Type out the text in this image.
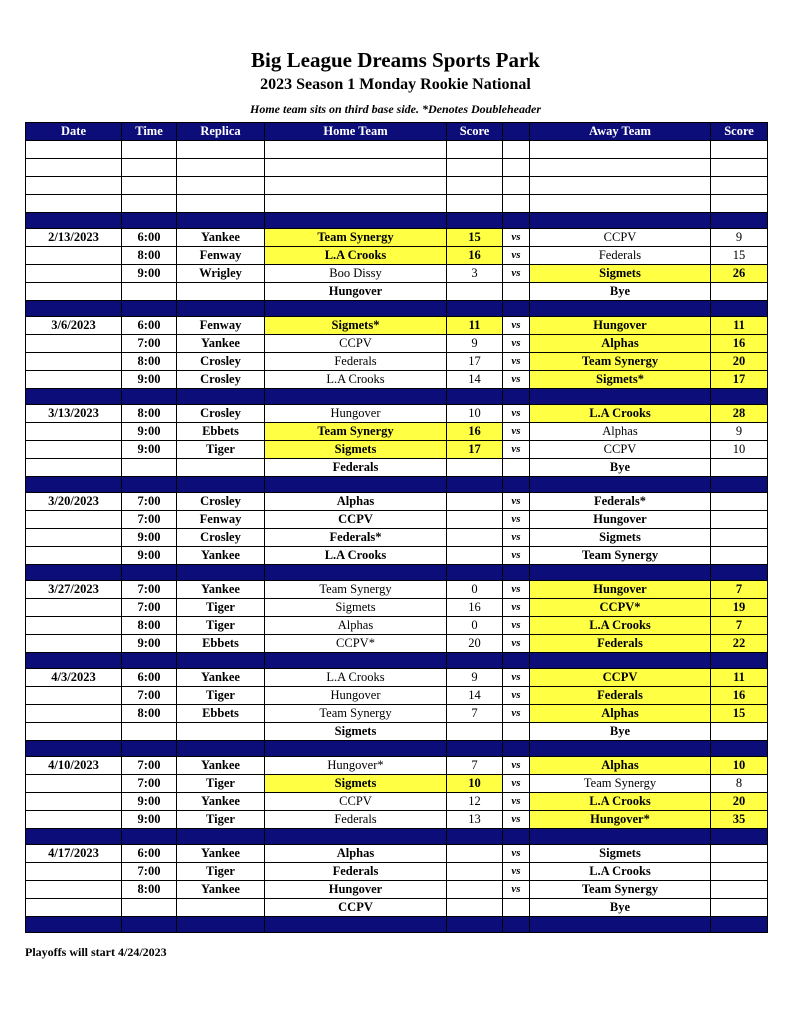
Big League Dreams Sports Park
2023 Season 1 Monday Rookie National
Home team sits on third base side. *Denotes Doubleheader
Date	Time	Replica	Home Team	Score		Away Team	Score

2/13/2023	6:00	Yankee	Team Synergy	15	vs	CCPV	9
	8:00	Fenway	L.A Crooks	16	vs	Federals	15
	9:00	Wrigley	Boo Dissy	3	vs	Sigmets	26
			Hungover			Bye	

3/6/2023	6:00	Fenway	Sigmets*	11	vs	Hungover	11
	7:00	Yankee	CCPV	9	vs	Alphas	16
	8:00	Crosley	Federals	17	vs	Team Synergy	20
	9:00	Crosley	L.A Crooks	14	vs	Sigmets*	17

3/13/2023	8:00	Crosley	Hungover	10	vs	L.A Crooks	28
	9:00	Ebbets	Team Synergy	16	vs	Alphas	9
	9:00	Tiger	Sigmets	17	vs	CCPV	10
			Federals			Bye	

3/20/2023	7:00	Crosley	Alphas		vs	Federals*	
	7:00	Fenway	CCPV		vs	Hungover	
	9:00	Crosley	Federals*		vs	Sigmets	
	9:00	Yankee	L.A Crooks		vs	Team Synergy	

3/27/2023	7:00	Yankee	Team Synergy	0	vs	Hungover	7
	7:00	Tiger	Sigmets	16	vs	CCPV*	19
	8:00	Tiger	Alphas	0	vs	L.A Crooks	7
	9:00	Ebbets	CCPV*	20	vs	Federals	22

4/3/2023	6:00	Yankee	L.A Crooks	9	vs	CCPV	11
	7:00	Tiger	Hungover	14	vs	Federals	16
	8:00	Ebbets	Team Synergy	7	vs	Alphas	15
			Sigmets			Bye	

4/10/2023	7:00	Yankee	Hungover*	7	vs	Alphas	10
	7:00	Tiger	Sigmets	10	vs	Team Synergy	8
	9:00	Yankee	CCPV	12	vs	L.A Crooks	20
	9:00	Tiger	Federals	13	vs	Hungover*	35

4/17/2023	6:00	Yankee	Alphas		vs	Sigmets	
	7:00	Tiger	Federals		vs	L.A Crooks	
	8:00	Yankee	Hungover		vs	Team Synergy	
			CCPV			Bye	

Playoffs will start 4/24/2023
